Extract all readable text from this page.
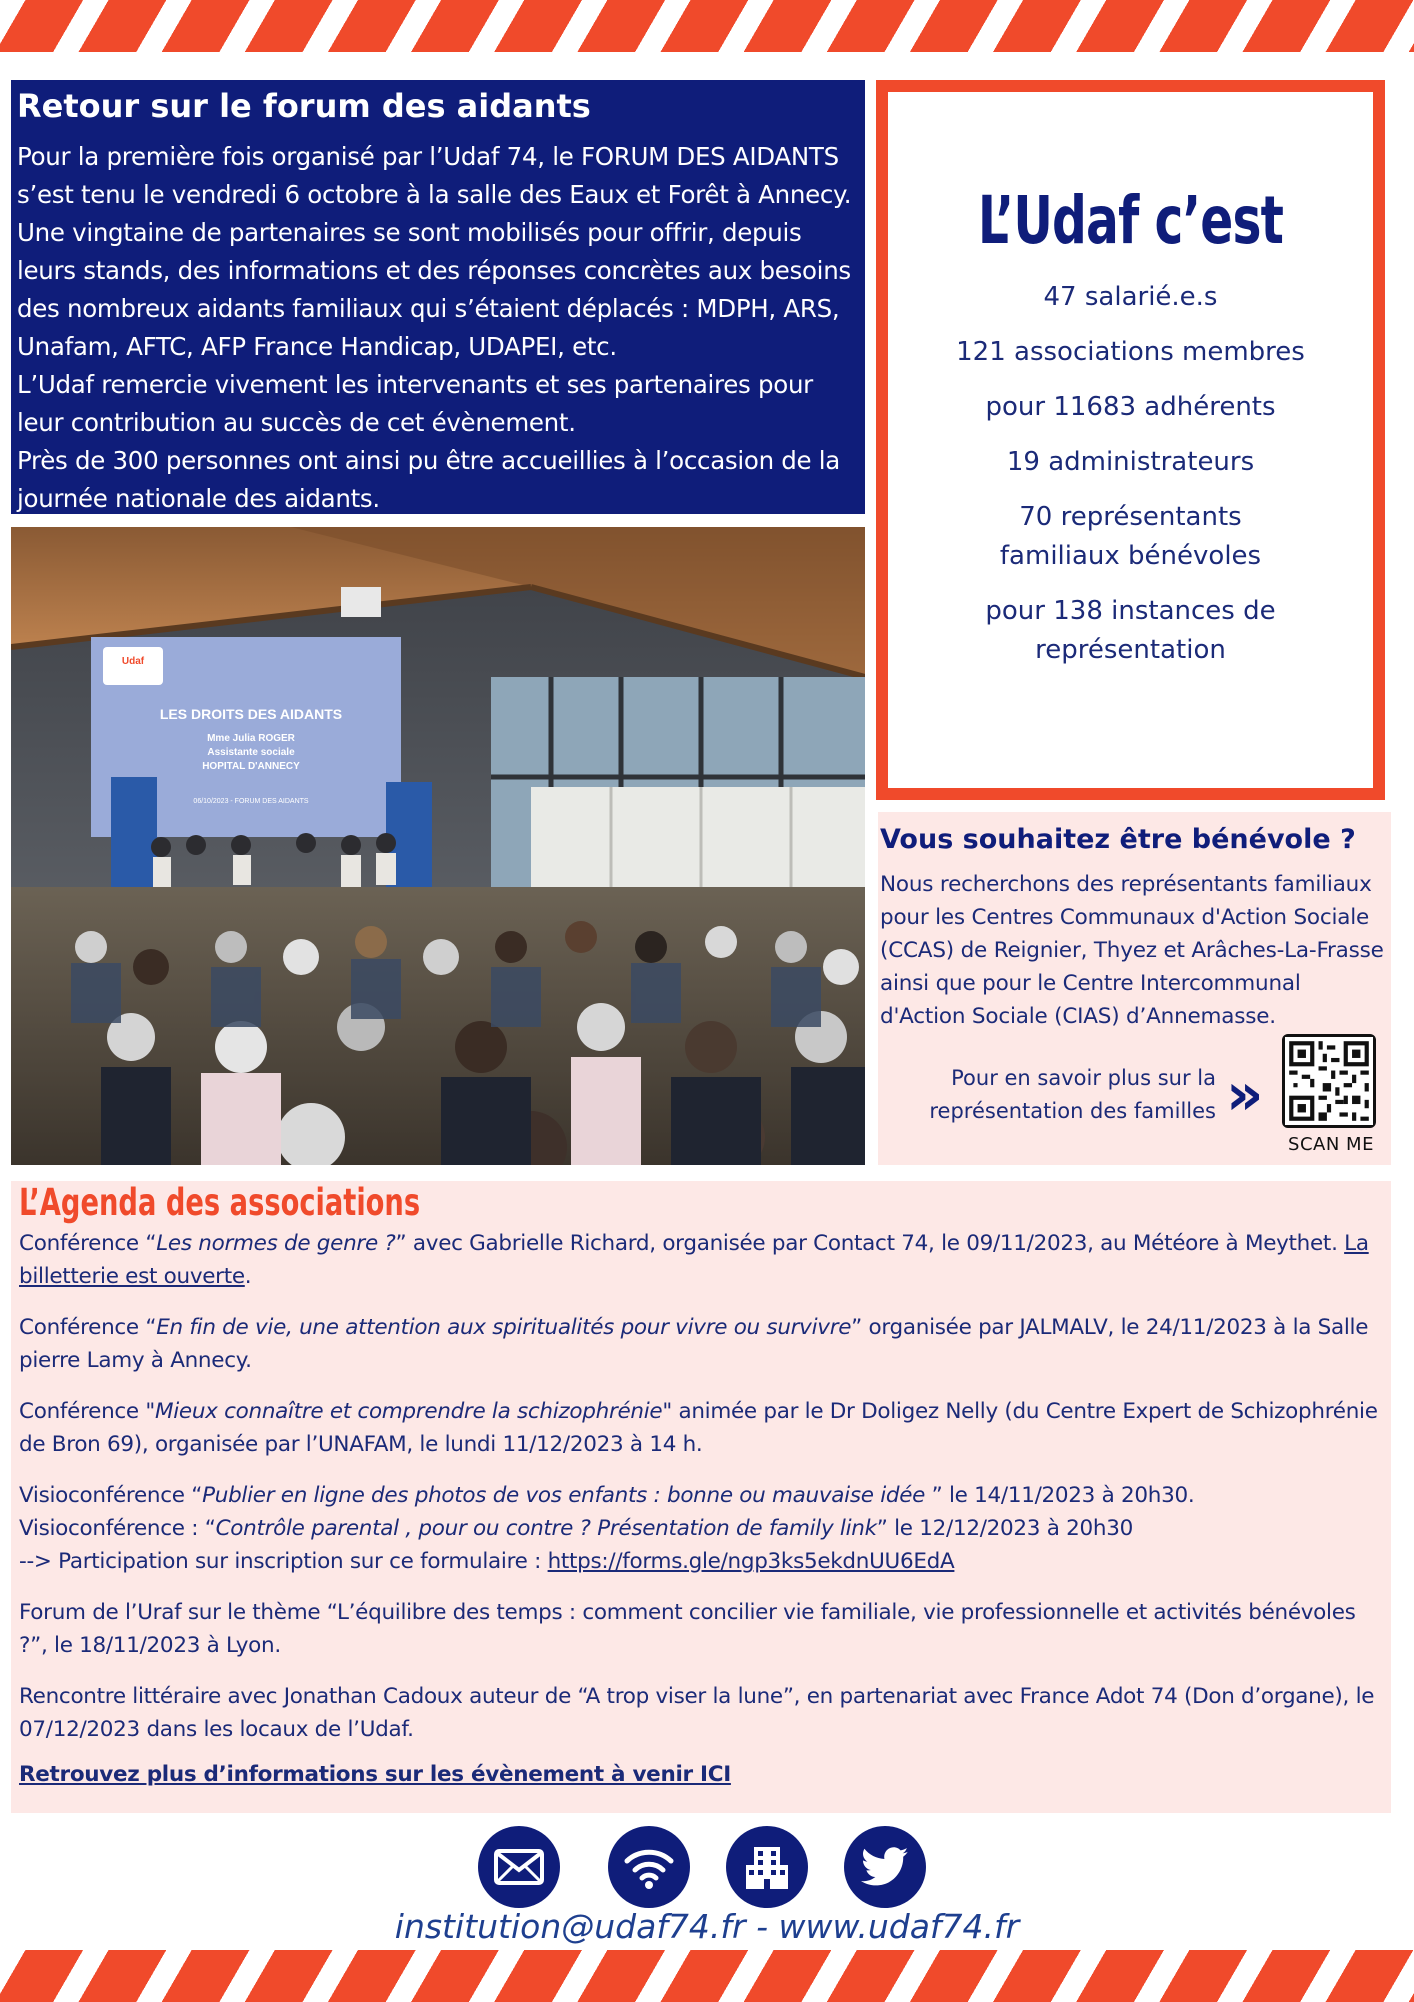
Retour sur le forum des aidants

Pour la première fois organisé par l’Udaf 74, le FORUM DES AIDANTS s’est tenu le vendredi 6 octobre à la salle des Eaux et Forêt à Annecy. Une vingtaine de partenaires se sont mobilisés pour offrir, depuis leurs stands, des informations et des réponses concrètes aux besoins des nombreux aidants familiaux qui s’étaient déplacés : MDPH, ARS, Unafam, AFTC, AFP France Handicap, UDAPEI, etc.

L’Udaf remercie vivement les intervenants et ses partenaires pour leur contribution au succès de cet évènement.

Près de 300 personnes ont ainsi pu être accueillies à l’occasion de la journée nationale des aidants.

Udaf
LES DROITS DES AIDANTS
Mme Julia ROGER
Assistante sociale
HOPITAL D'ANNECY
06/10/2023 - FORUM DES AIDANTS
L’Udaf c’est
47 salarié.e.s
121 associations membres
pour 11683 adhérents
19 administrateurs
70 représentants familiaux bénévoles
pour 138 instances de représentation
Vous souhaitez être bénévole ?

Nous recherchons des représentants familiaux pour les Centres Communaux d'Action Sociale (CCAS) de Reignier, Thyez et Arâches-La-Frasse ainsi que pour le Centre Intercommunal d'Action Sociale (CIAS) d’Annemasse.

Pour en savoir plus sur la
représentation des familles »
SCAN ME
L’Agenda des associations

Conférence “Les normes de genre ?” avec Gabrielle Richard, organisée par Contact 74, le 09/11/2023, au Météore à Meythet. La billetterie est ouverte.

Conférence “En fin de vie, une attention aux spiritualités pour vivre ou survivre” organisée par JALMALV, le 24/11/2023 à la Salle pierre Lamy à Annecy.

Conférence "Mieux connaître et comprendre la schizophrénie" animée par le Dr Doligez Nelly (du Centre Expert de Schizophrénie de Bron 69), organisée par l’UNAFAM, le lundi 11/12/2023 à 14 h.

Visioconférence “Publier en ligne des photos de vos enfants : bonne ou mauvaise idée ” le 14/11/2023 à 20h30.
Visioconférence : “Contrôle parental , pour ou contre ? Présentation de family link” le 12/12/2023 à 20h30
--> Participation sur inscription sur ce formulaire : https://forms.gle/ngp3ks5ekdnUU6EdA

Forum de l’Uraf sur le thème “L’équilibre des temps : comment concilier vie familiale, vie professionnelle et activités bénévoles ?”, le 18/11/2023 à Lyon.

Rencontre littéraire avec Jonathan Cadoux auteur de “A trop viser la lune”, en partenariat avec France Adot 74 (Don d’organe), le 07/12/2023 dans les locaux de l’Udaf.

Retrouvez plus d’informations sur les évènement à venir ICI

institution@udaf74.fr - www.udaf74.fr
